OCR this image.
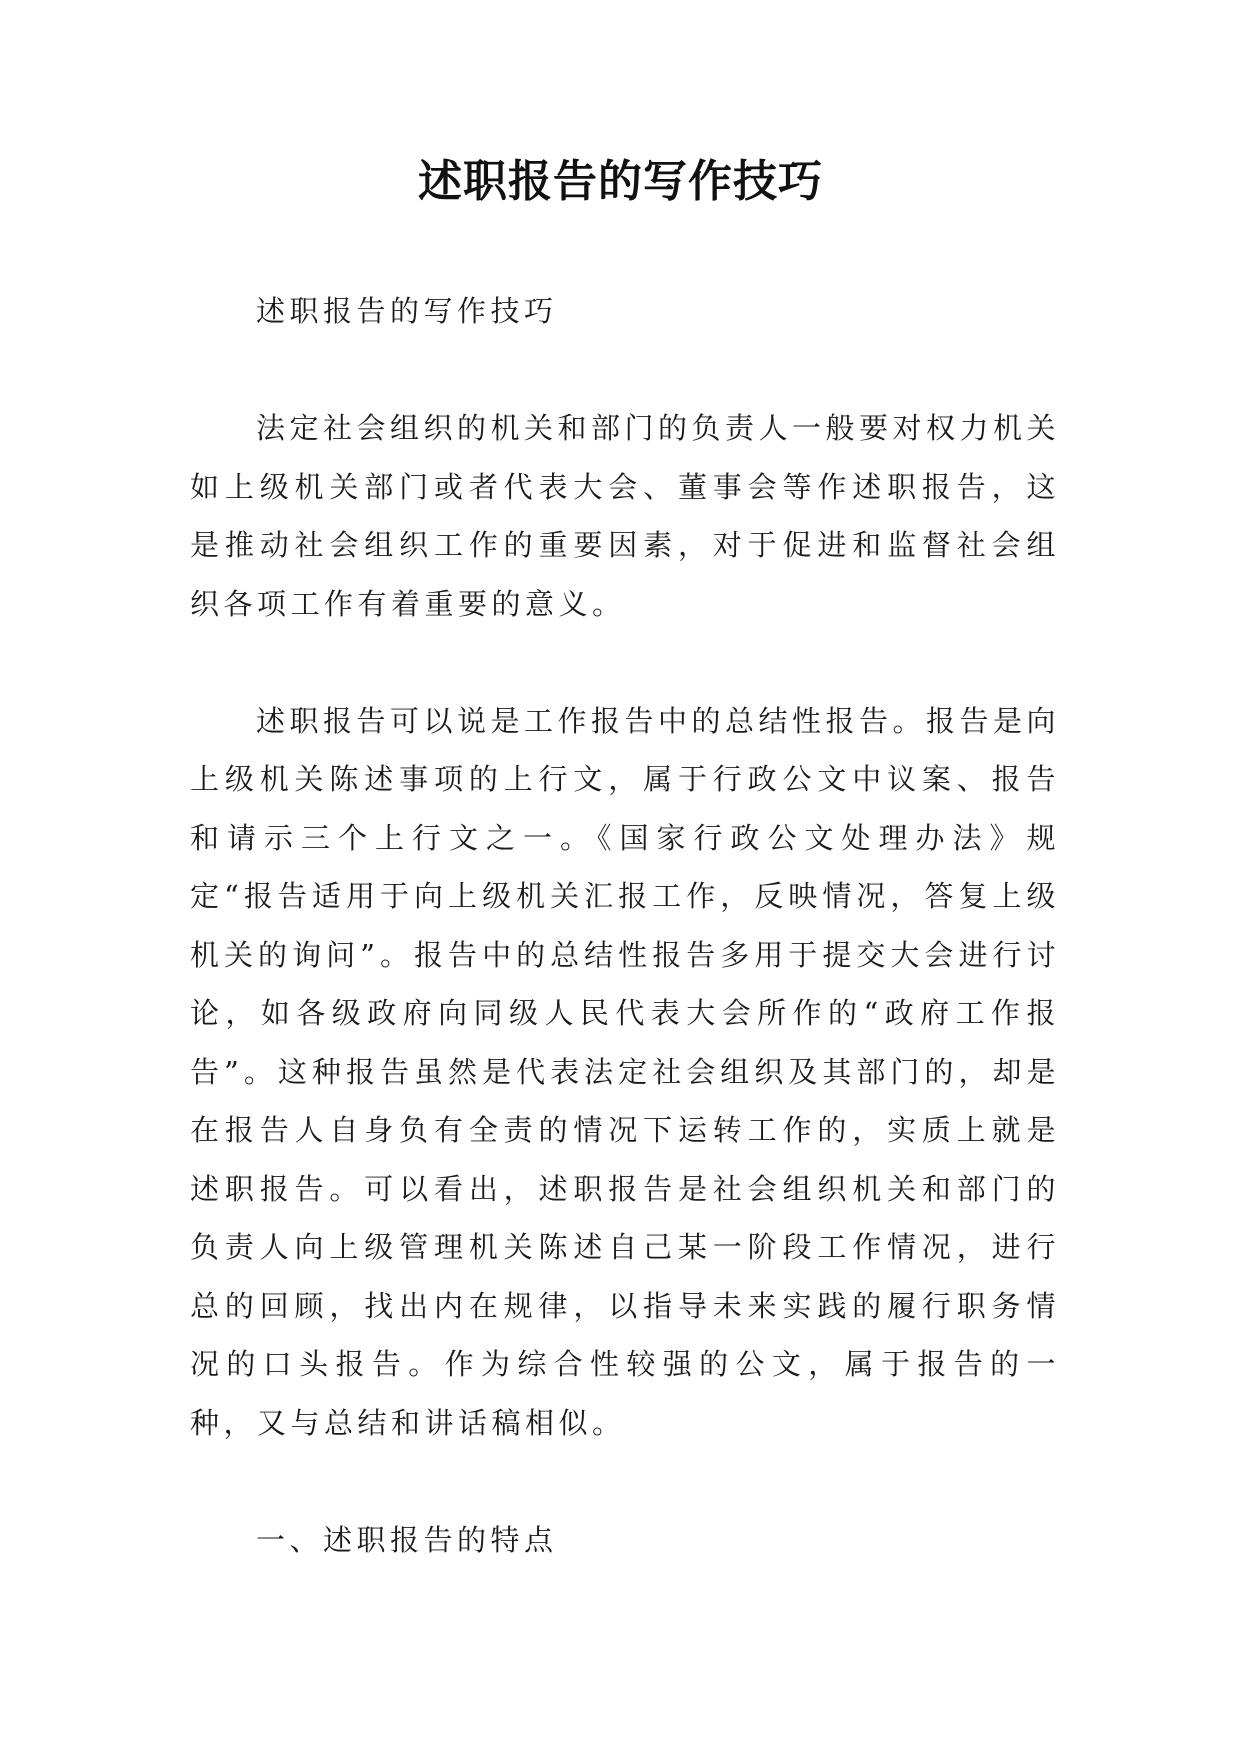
述职报告的写作技巧

述职报告的写作技巧

法定社会组织的机关和部门的负责人一般要对权力机关如上级机关部门或者代表大会、董事会等作述职报告，这是推动社会组织工作的重要因素，对于促进和监督社会组织各项工作有着重要的意义。

述职报告可以说是工作报告中的总结性报告。报告是向上级机关陈述事项的上行文，属于行政公文中议案、报告和请示三个上行文之一。《国家行政公文处理办法》规定“报告适用于向上级机关汇报工作，反映情况，答复上级机关的询问”。报告中的总结性报告多用于提交大会进行讨论，如各级政府向同级人民代表大会所作的“政府工作报告”。这种报告虽然是代表法定社会组织及其部门的，却是在报告人自身负有全责的情况下运转工作的，实质上就是述职报告。可以看出，述职报告是社会组织机关和部门的负责人向上级管理机关陈述自己某一阶段工作情况，进行总的回顾，找出内在规律，以指导未来实践的履行职务情况的口头报告。作为综合性较强的公文，属于报告的一种，又与总结和讲话稿相似。

一、述职报告的特点
